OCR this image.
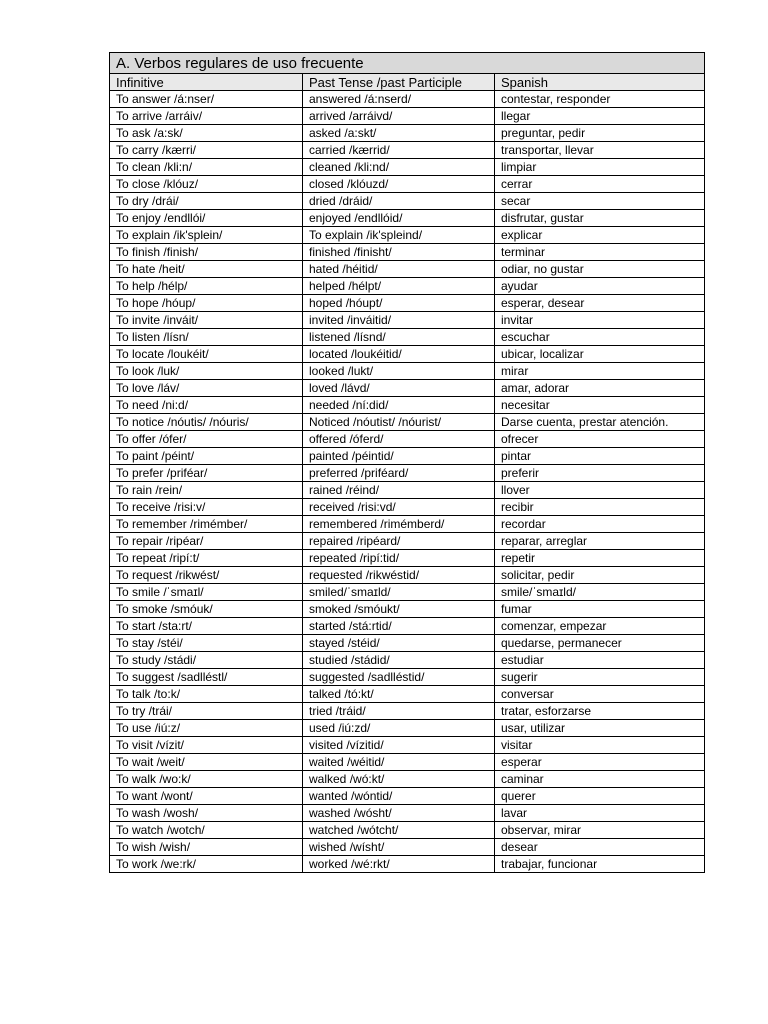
A. Verbos regulares de uso frecuente		
Infinitive	Past Tense /past Participle	Spanish
To answer /á:nser/	answered /á:nserd/	contestar, responder
To arrive /arráiv/	arrived /arráivd/	llegar
To ask /a:sk/	asked /a:skt/	preguntar, pedir
To carry /kærri/	carried /kærrid/	transportar, llevar
To clean /kli:n/	cleaned /kli:nd/	limpiar
To close /klóuz/	closed /klóuzd/	cerrar
To dry /drái/	dried /dráid/	secar
To enjoy /endllói/	enjoyed /endllóid/	disfrutar, gustar
To explain /ik'splein/	To explain /ik'spleind/	explicar
To finish /finish/	finished /finisht/	terminar
To hate /heit/	hated /héitid/	odiar, no gustar
To help /hélp/	helped /hélpt/	ayudar
To hope /hóup/	hoped /hóupt/	esperar, desear
To invite /inváit/	invited /inváitid/	invitar
To listen /lísn/	listened /lísnd/	escuchar
To locate /loukéit/	located /loukéitid/	ubicar, localizar
To look /luk/	looked /lukt/	mirar
To love /láv/	loved /lávd/	amar, adorar
To need /ni:d/	needed /ní:did/	necesitar
To notice /nóutis/ /nóuris/	Noticed /nóutist/ /nóurist/	Darse cuenta, prestar atención.
To offer /ófer/	offered /óferd/	ofrecer
To paint /péint/	painted /péintid/	pintar
To prefer /priféar/	preferred /priféard/	preferir
To rain /rein/	rained /réind/	llover
To receive /risi:v/	received /risi:vd/	recibir
To remember /rimémber/	remembered /rimémberd/	recordar
To repair /ripéar/	repaired /ripéard/	reparar, arreglar
To repeat /ripí:t/	repeated /ripí:tid/	repetir
To request /rikwést/	requested /rikwéstid/	solicitar, pedir
To smile /ˈsmaɪl/	smiled/ˈsmaɪld/	smile/ˈsmaɪld/
To smoke /smóuk/	smoked /smóukt/	fumar
To start /sta:rt/	started /stá:rtid/	comenzar, empezar
To stay /stéi/	stayed /stéid/	quedarse, permanecer
To study /stádi/	studied /stádid/	estudiar
To suggest /sadlléstl/	suggested /sadlléstid/	sugerir
To talk /to:k/	talked /tó:kt/	conversar
To try /trái/	tried /tráid/	tratar, esforzarse
To use /iú:z/	used /iú:zd/	usar, utilizar
To visit /vízit/	visited /vízitid/	visitar
To wait /weit/	waited /wéitid/	esperar
To walk /wo:k/	walked /wó:kt/	caminar
To want /wont/	wanted /wóntid/	querer
To wash /wosh/	washed /wósht/	lavar
To watch /wotch/	watched /wótcht/	observar, mirar
To wish /wish/	wished /wísht/	desear
To work /we:rk/	worked /wé:rkt/	trabajar, funcionar
